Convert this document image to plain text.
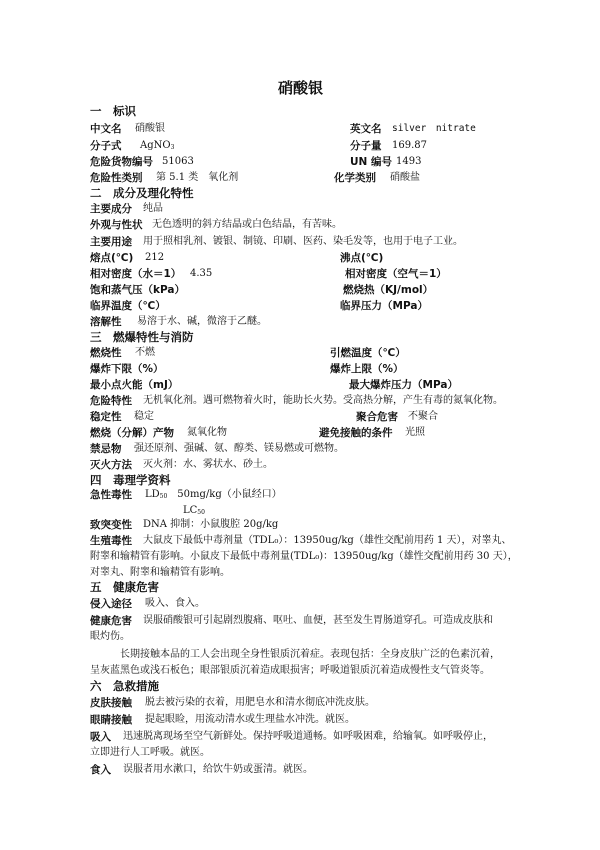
硝酸银
一　标识
中文名 硝酸银	英文名 silver　nitrate
分子式 AgNO$_3$	分子量 169.87
危险货物编号 51063	UN 编号 1493
危险性类别 第 5.1 类　氧化剂	化学类别 硝酸盐
二　成分及理化特性
主要成分 纯品
外观与性状 无色透明的斜方结晶或白色结晶，有苦味。
主要用途 用于照相乳剂、镀银、制镜、印刷、医药、染毛发等，也用于电子工业。
熔点(℃) 212	沸点(℃)
相对密度（水＝1） 4.35	相对密度（空气＝1）
饱和蒸气压（kPa）	燃烧热（KJ/mol）
临界温度（℃）	临界压力（MPa）
溶解性 易溶于水、碱，微溶于乙醚。
三　燃爆特性与消防
燃烧性 不燃	引燃温度（℃）
爆炸下限（%）	爆炸上限（%）
最小点火能（mJ）	最大爆炸压力（MPa）
危险特性 无机氧化剂。遇可燃物着火时，能助长火势。受高热分解，产生有毒的氮氧化物。
稳定性 稳定	聚合危害 不聚合
燃烧（分解）产物 氮氧化物	避免接触的条件 光照
禁忌物 强还原剂、强碱、氨、醇类、镁易燃或可燃物。
灭火方法 灭火剂：水、雾状水、砂土。
四　毒理学资料
急性毒性 $LD_{50}$　50mg/kg（小鼠经口）
$LC_{50}$
致突变性 DNA 抑制：小鼠腹腔 20g/kg
生殖毒性 大鼠皮下最低中毒剂量（TDL₀）：13950ug/kg（雄性交配前用药 1 天），对睾丸、
附睾和输精管有影响。小鼠皮下最低中毒剂量(TDL₀)：13950ug/kg（雄性交配前用药 30 天），
对睾丸、附睾和输精管有影响。
五　健康危害
侵入途径 吸入、食入。
健康危害 误服硝酸银可引起剧烈腹痛、呕吐、血便，甚至发生胃肠道穿孔。可造成皮肤和
眼灼伤。
长期接触本品的工人会出现全身性银质沉着症。表现包括：全身皮肤广泛的色素沉着，
呈灰蓝黑色或浅石板色；眼部银质沉着造成眼损害；呼吸道银质沉着造成慢性支气管炎等。
六　急救措施
皮肤接触 脱去被污染的衣着，用肥皂水和清水彻底冲洗皮肤。
眼睛接触 提起眼睑，用流动清水或生理盐水冲洗。就医。
吸入 迅速脱离现场至空气新鲜处。保持呼吸道通畅。如呼吸困难，给输氧。如呼吸停止，
立即进行人工呼吸。就医。
食入 误服者用水漱口，给饮牛奶或蛋清。就医。
